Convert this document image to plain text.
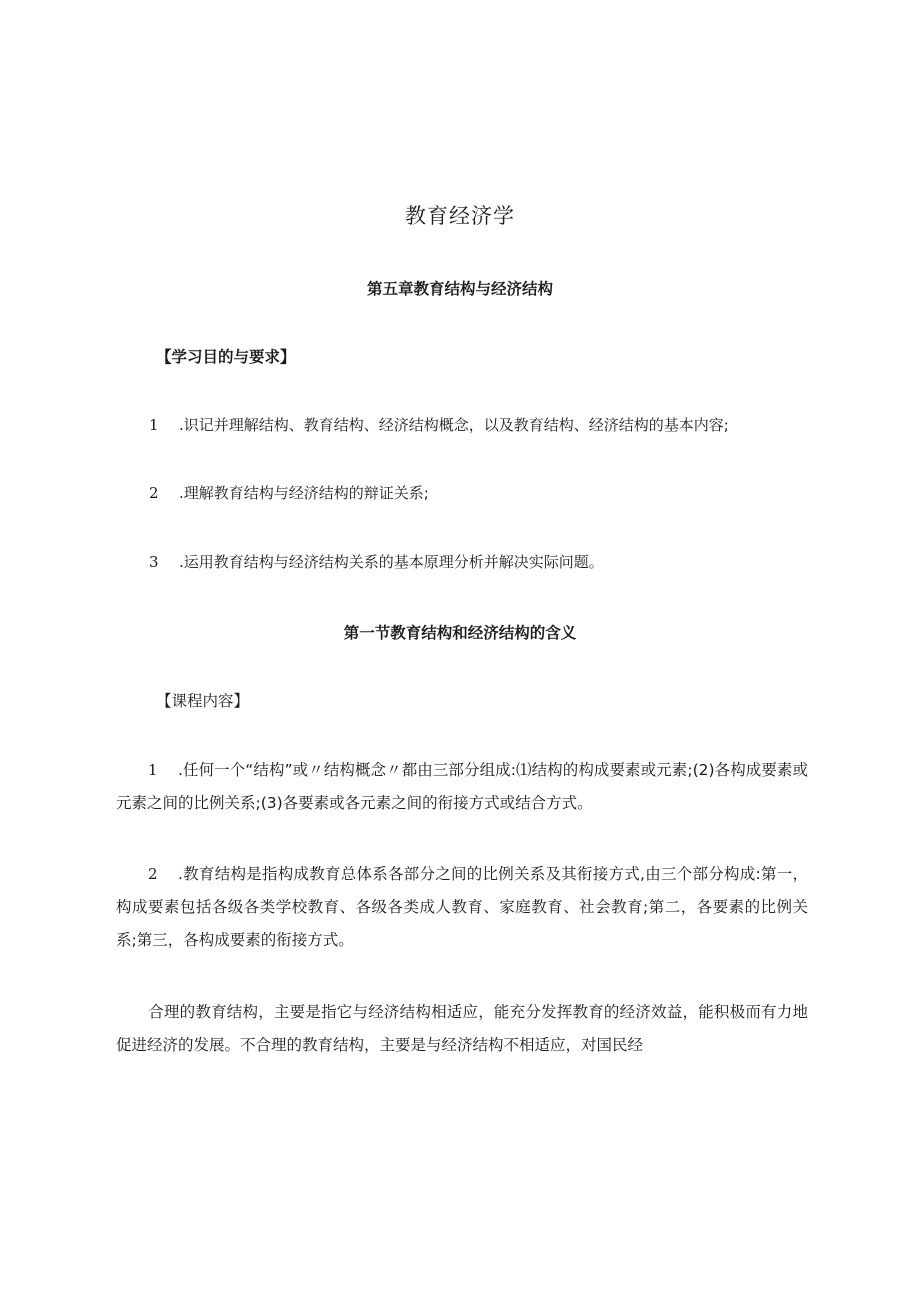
教育经济学
第五章教育结构与经济结构

【学习目的与要求】

1 .识记并理解结构、教育结构、经济结构概念，以及教育结构、经济结构的基本内容;

2 .理解教育结构与经济结构的辩证关系;

3 .运用教育结构与经济结构关系的基本原理分析并解决实际问题。

第一节教育结构和经济结构的含义

【课程内容】

1 .任何一个“结构”或〃结构概念〃都由三部分组成:⑴结构的构成要素或元素;(2)各构成要素或元素之间的比例关系;(3)各要素或各元素之间的衔接方式或结合方式。

2 .教育结构是指构成教育总体系各部分之间的比例关系及其衔接方式,由三个部分构成:第一，构成要素包括各级各类学校教育、各级各类成人教育、家庭教育、社会教育;第二，各要素的比例关系;第三，各构成要素的衔接方式。

合理的教育结构，主要是指它与经济结构相适应，能充分发挥教育的经济效益，能积极而有力地促进经济的发展。不合理的教育结构，主要是与经济结构不相适应，对国民经
